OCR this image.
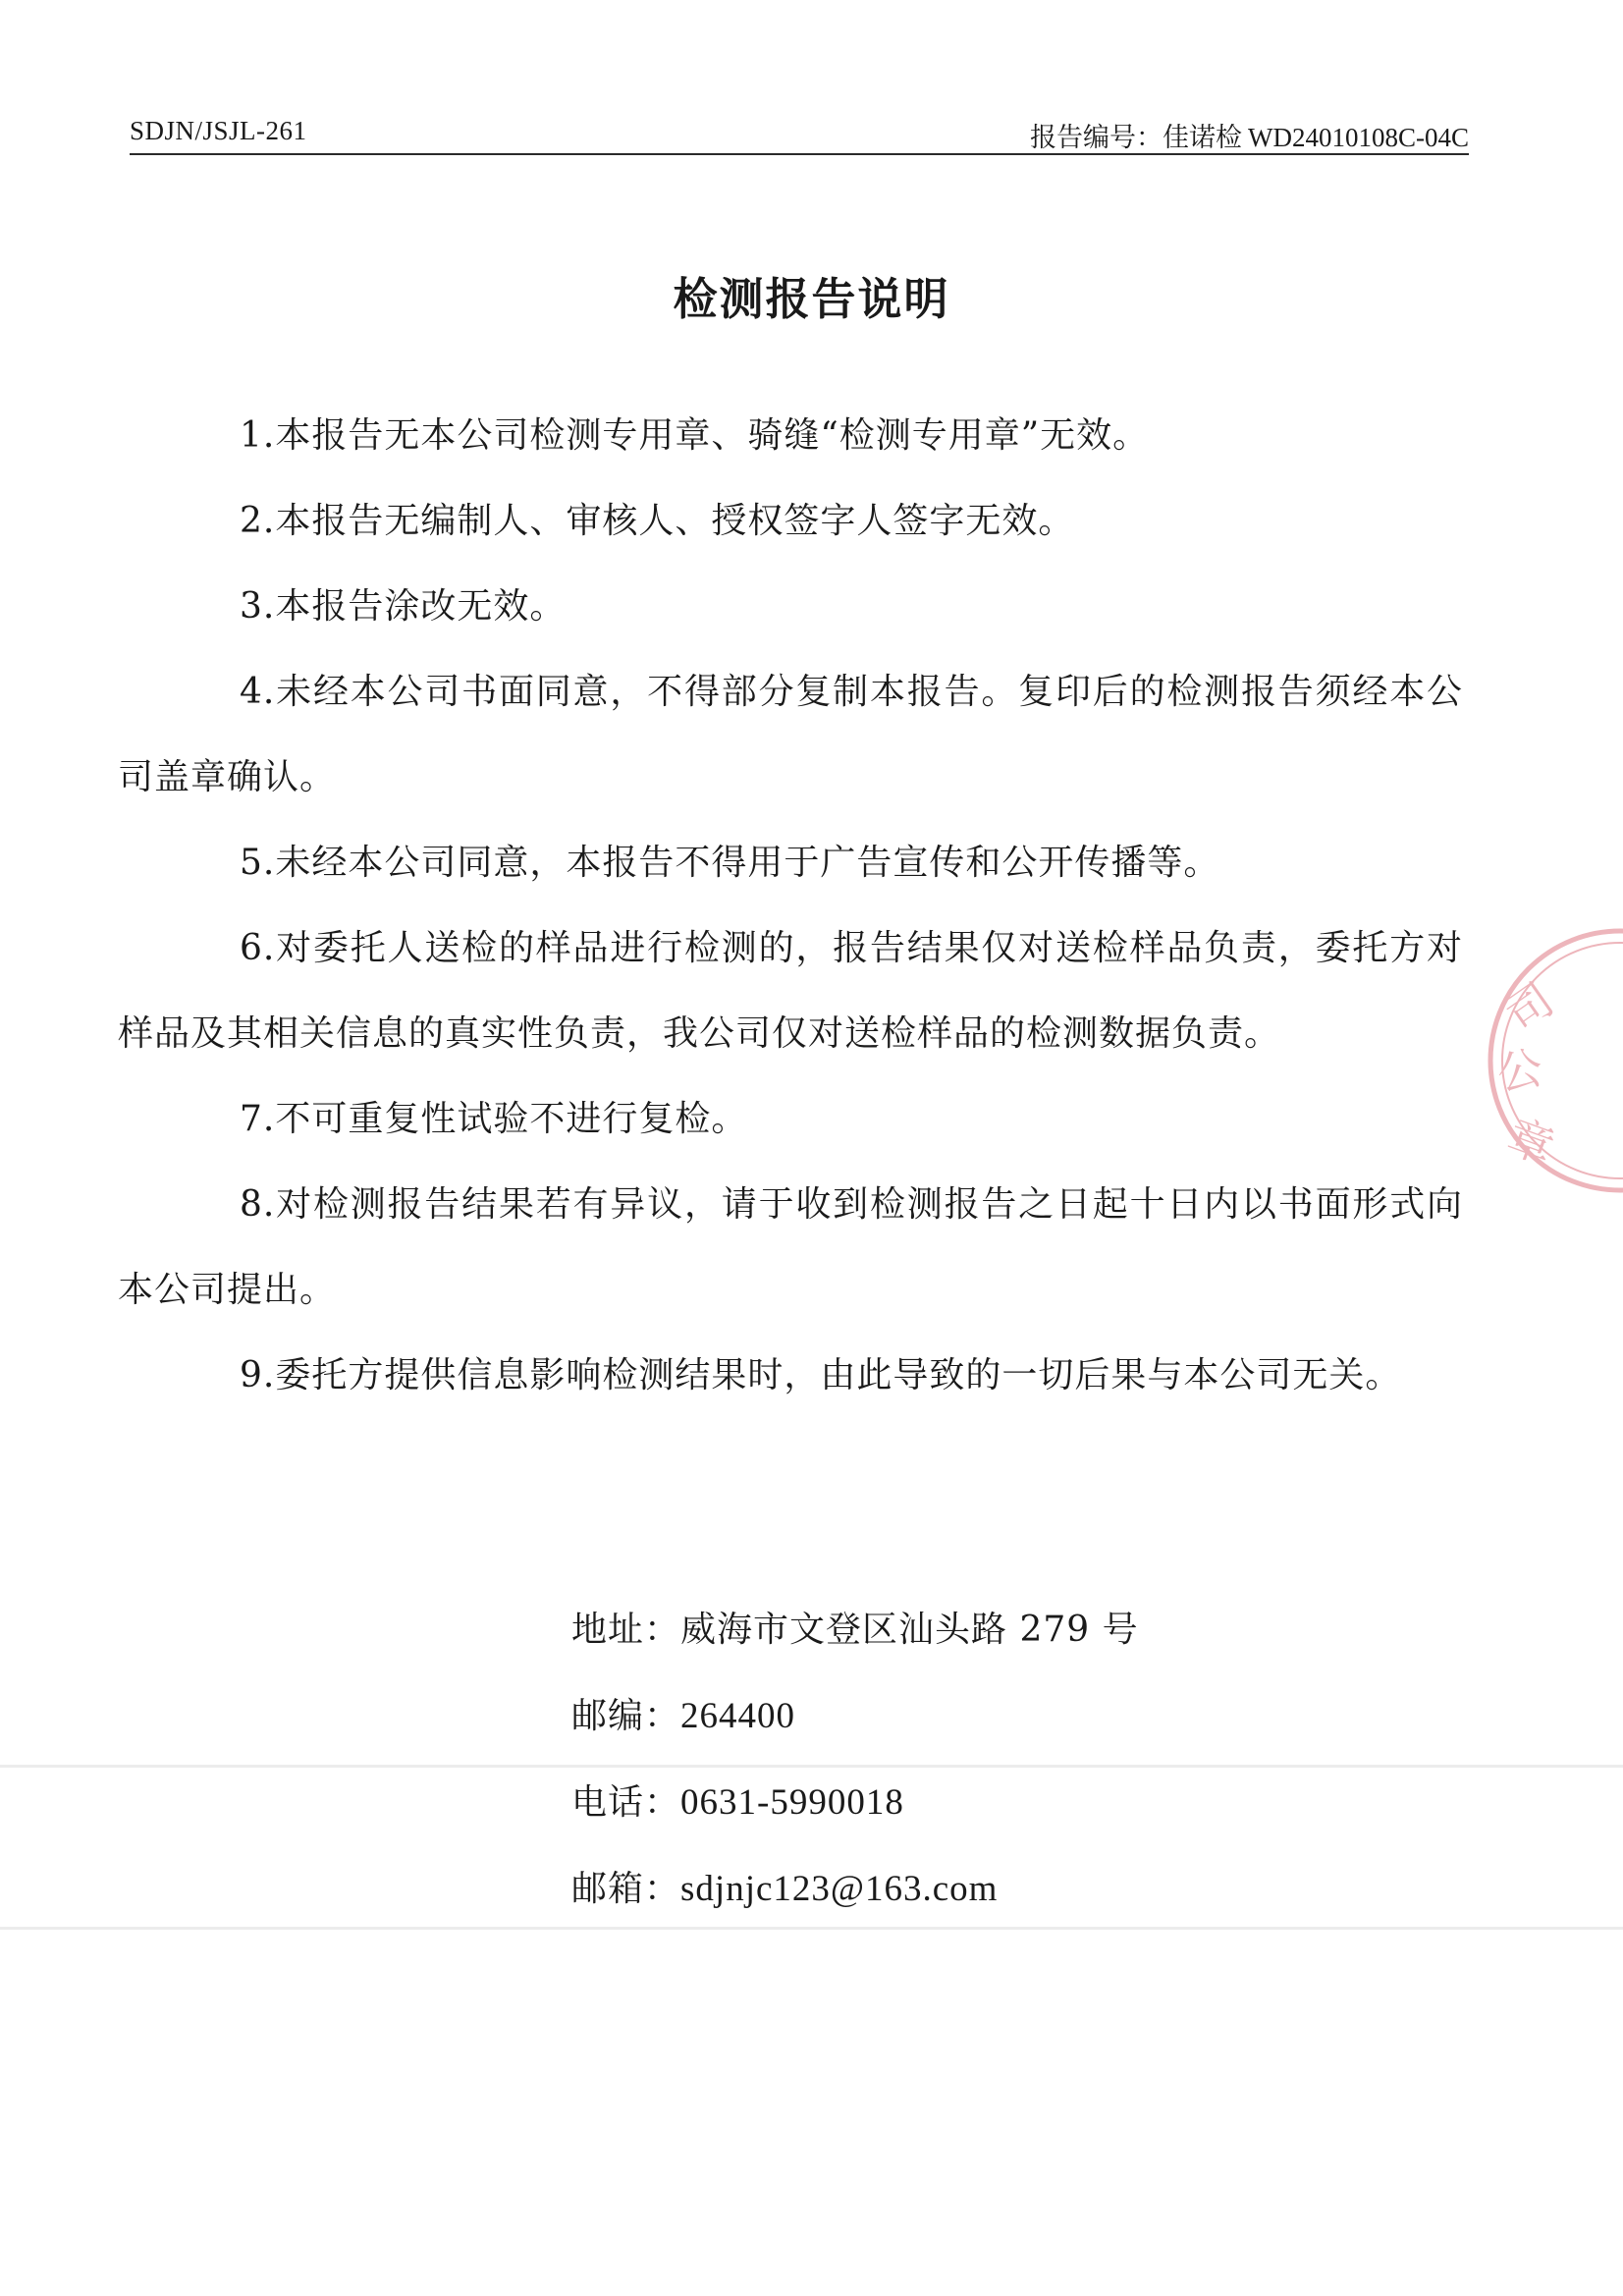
SDJN/JSJL-261	报告编号：佳诺检 WD24010108C-04C
检测报告说明

1.本报告无本公司检测专用章、骑缝“检测专用章”无效。

2.本报告无编制人、审核人、授权签字人签字无效。

3.本报告涂改无效。

4.未经本公司书面同意，不得部分复制本报告。复印后的检测报告须经本公司盖章确认。

5.未经本公司同意，本报告不得用于广告宣传和公开传播等。

6.对委托人送检的样品进行检测的，报告结果仅对送检样品负责，委托方对样品及其相关信息的真实性负责，我公司仅对送检样品的检测数据负责。

7.不可重复性试验不进行复检。

8.对检测报告结果若有异议，请于收到检测报告之日起十日内以书面形式向本公司提出。

9.委托方提供信息影响检测结果时，由此导致的一切后果与本公司无关。

地址：威海市文登区汕头路 279 号
邮编：264400
电话：0631-5990018
邮箱：sdjnjc123@163.com
司
公
章
